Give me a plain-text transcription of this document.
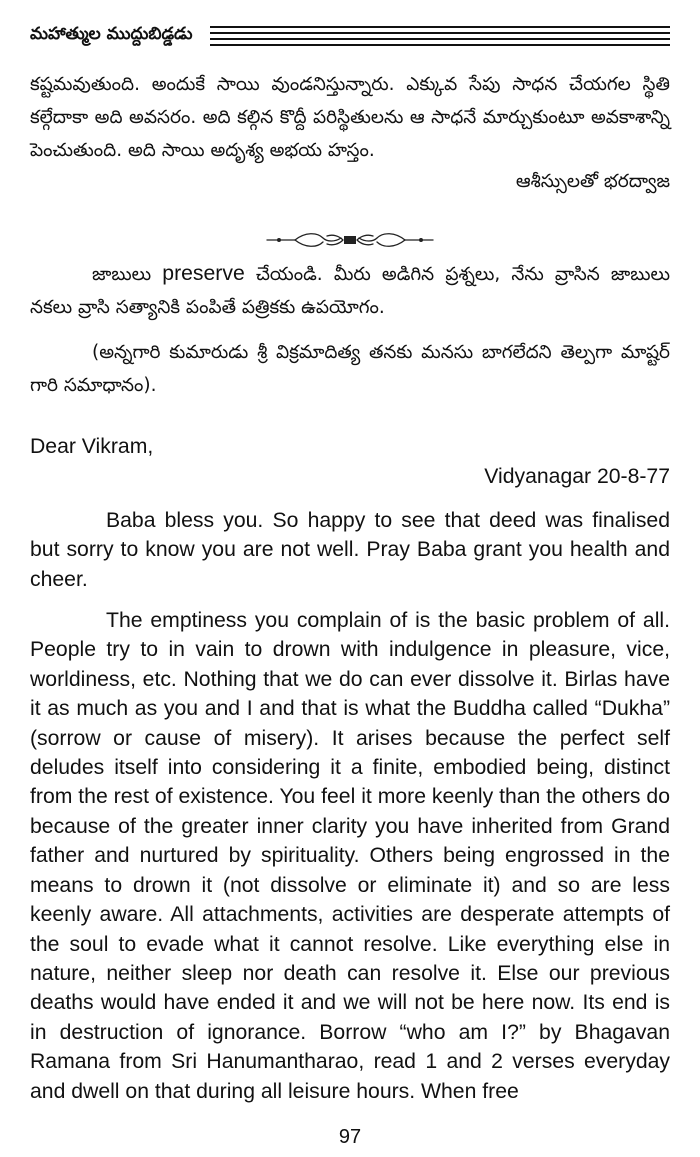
మహాత్ముల ముద్దుబిడ్డడు

కష్టమవుతుంది. అందుకే సాయి వుండనిస్తున్నారు. ఎక్కువ సేపు సాధన చేయగల స్థితి కల్గేదాకా అది అవసరం. అది కల్గిన కొద్దీ పరిస్థితులను ఆ సాధనే మార్చుకుంటూ అవకాశాన్ని పెంచుతుంది. అది సాయి అదృశ్య అభయ హస్తం.

ఆశీస్సులతో భరద్వాజ

జాబులు preserve చేయండి. మీరు అడిగిన ప్రశ్నలు, నేను వ్రాసిన జాబులు నకలు వ్రాసి సత్యానికి పంపితే పత్రికకు ఉపయోగం.

(అన్నగారి కుమారుడు శ్రీ విక్రమాదిత్య తనకు మనసు బాగలేదని తెల్పగా మాష్టర్ గారి సమాధానం).

Dear Vikram,

Vidyanagar 20-8-77

Baba bless you. So happy to see that deed was finalised but sorry to know you are not well. Pray Baba grant you health and cheer.

The emptiness you complain of is the basic problem of all. People try to in vain to drown with indulgence in pleasure, vice, worldiness, etc. Nothing that we do can ever dissolve it. Birlas have it as much as you and I and that is what the Buddha called “Dukha” (sorrow or cause of misery). It arises because the perfect self deludes itself into considering it a finite, embodied being, distinct from the rest of existence. You feel it more keenly than the others do because of the greater inner clarity you have inherited from Grand father and nurtured by spirituality. Others being engrossed in the means to drown it (not dissolve or eliminate it) and so are less keenly aware. All attachments, activities are desperate attempts of the soul to evade what it cannot resolve. Like everything else in nature, neither sleep nor death can resolve it. Else our previous deaths would have ended it and we will not be here now. Its end is in destruction of ignorance. Borrow “who am I?” by Bhagavan Ramana from Sri Hanumantharao, read 1 and 2 verses everyday and dwell on that during all leisure hours. When free

97
